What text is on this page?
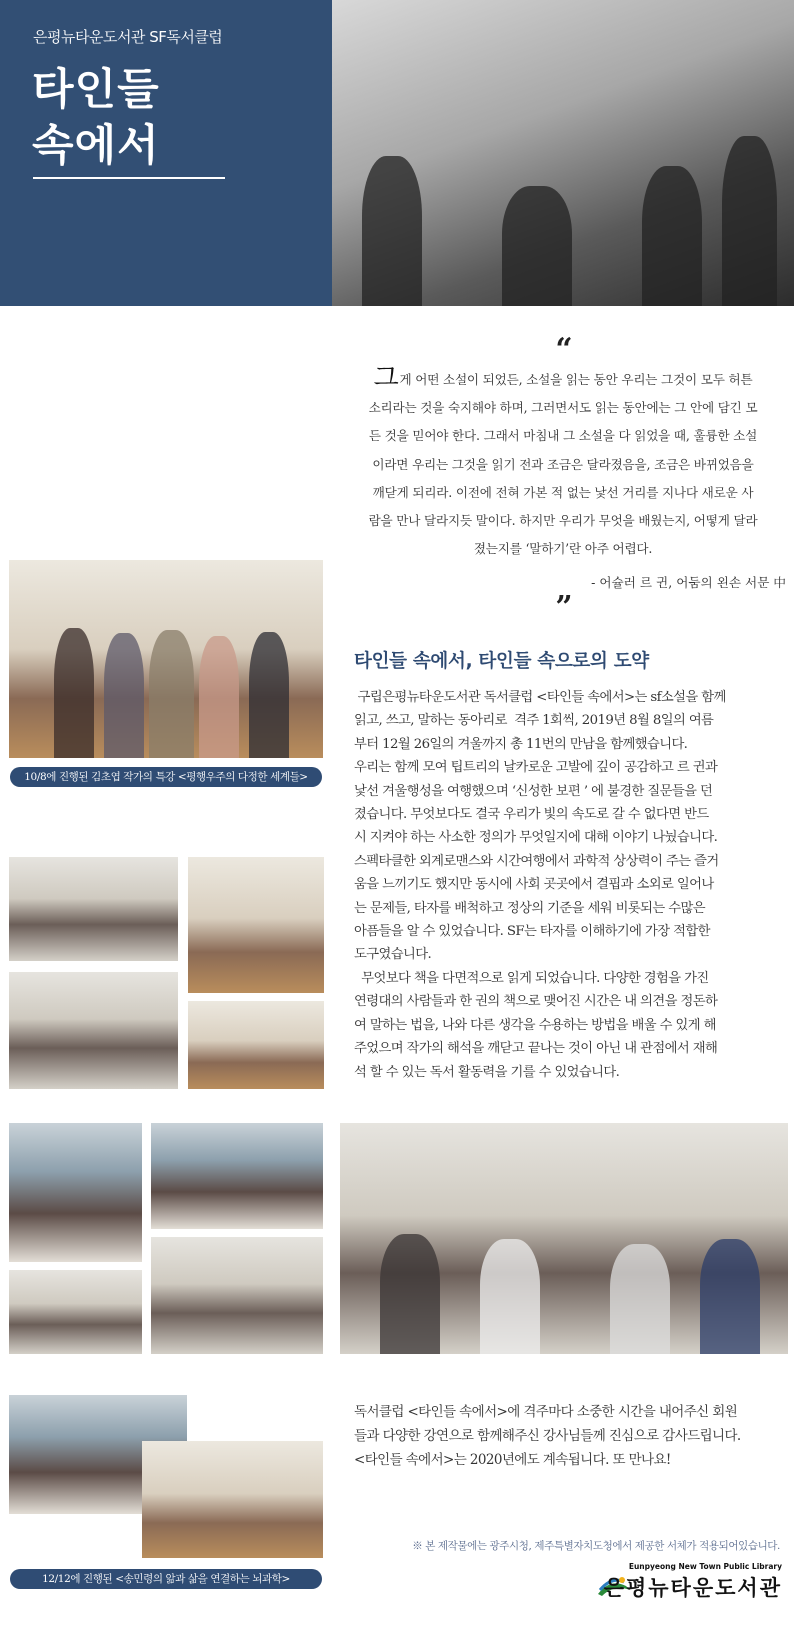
은평뉴타운도서관 SF독서클럽
타인들
속에서
“
그게 어떤 소설이 되었든, 소설을 읽는 동안 우리는 그것이 모두 허튼
소리라는 것을 숙지해야 하며, 그러면서도 읽는 동안에는 그 안에 담긴 모
든 것을 믿어야 한다. 그래서 마침내 그 소설을 다 읽었을 때, 훌륭한 소설
이라면 우리는 그것을 읽기 전과 조금은 달라졌음을, 조금은 바뀌었음을
깨닫게 되리라. 이전에 전혀 가본 적 없는 낯선 거리를 지나다 새로운 사
람을 만나 달라지듯 말이다. 하지만 우리가 무엇을 배웠는지, 어떻게 달라
졌는지를 ‘말하기’란 아주 어렵다.
- 어슐러 르 귄, 어둠의 왼손 서문 中
”
타인들 속에서, 타인들 속으로의 도약
구립은평뉴타운도서관 독서클럽 <타인들 속에서>는 sf소설을 함께
읽고, 쓰고, 말하는 동아리로  격주 1회씩, 2019년 8월 8일의 여름
부터 12월 26일의 겨울까지 총 11번의 만남을 함께했습니다.
우리는 함께 모여 팁트리의 날카로운 고발에 깊이 공감하고 르 귄과
낯선 겨울행성을 여행했으며 ‘신성한 보편 ’ 에 불경한 질문들을 던
졌습니다. 무엇보다도 결국 우리가 빛의 속도로 갈 수 없다면 반드
시 지켜야 하는 사소한 정의가 무엇일지에 대해 이야기 나눴습니다.
스펙타클한 외계로맨스와 시간여행에서 과학적 상상력이 주는 즐거
움을 느끼기도 했지만 동시에 사회 곳곳에서 결핍과 소외로 일어나
는 문제들, 타자를 배척하고 정상의 기준을 세워 비롯되는 수많은
아픔들을 알 수 있었습니다. SF는 타자를 이해하기에 가장 적합한
도구였습니다.
무엇보다 책을 다면적으로 읽게 되었습니다. 다양한 경험을 가진
연령대의 사람들과 한 권의 책으로 맺어진 시간은 내 의견을 정돈하
여 말하는 법을, 나와 다른 생각을 수용하는 방법을 배울 수 있게 해
주었으며 작가의 해석을 깨닫고 끝나는 것이 아닌 내 관점에서 재해
석 할 수 있는 독서 활동력을 기를 수 있었습니다.
10/8에 진행된 김초엽 작가의 특강 <평행우주의 다정한 세계들>
12/12에 진행된 <송민령의 앎과 삶을 연결하는 뇌과학>
독서클럽 <타인들 속에서>에 격주마다 소중한 시간을 내어주신 회원
들과 다양한 강연으로 함께해주신 강사님들께 진심으로 감사드립니다.
<타인들 속에서>는 2020년에도 계속됩니다. 또 만나요!
※ 본 제작물에는 광주시청, 제주특별자치도청에서 제공한 서체가 적용되어있습니다.
Eunpyeong New Town Public Library
은평뉴타운도서관
